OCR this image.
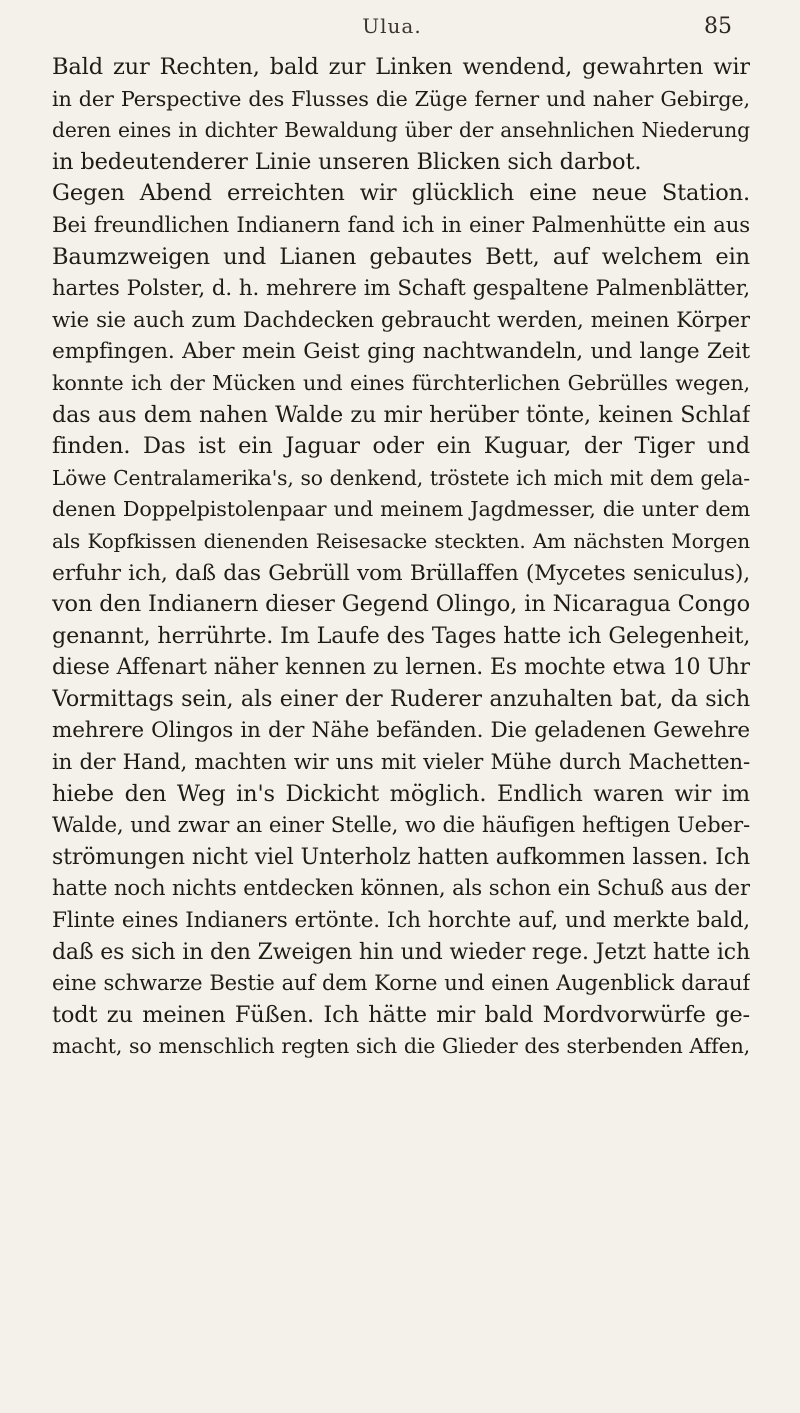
Ulua.	85
Bald zur Rechten, bald zur Linken wendend, gewahrten wir
in der Perspective des Flusses die Züge ferner und naher Gebirge,
deren eines in dichter Bewaldung über der ansehnlichen Niederung
in bedeutenderer Linie unseren Blicken sich darbot.
Gegen Abend erreichten wir glücklich eine neue Station.
Bei freundlichen Indianern fand ich in einer Palmenhütte ein aus
Baumzweigen und Lianen gebautes Bett, auf welchem ein
hartes Polster, d. h. mehrere im Schaft gespaltene Palmenblätter,
wie sie auch zum Dachdecken gebraucht werden, meinen Körper
empfingen. Aber mein Geist ging nachtwandeln, und lange Zeit
konnte ich der Mücken und eines fürchterlichen Gebrülles wegen,
das aus dem nahen Walde zu mir herüber tönte, keinen Schlaf
finden. Das ist ein Jaguar oder ein Kuguar, der Tiger und
Löwe Centralamerika's, so denkend, tröstete ich mich mit dem gela-
denen Doppelpistolenpaar und meinem Jagdmesser, die unter dem
als Kopfkissen dienenden Reisesacke steckten. Am nächsten Morgen
erfuhr ich, daß das Gebrüll vom Brüllaffen (Mycetes seniculus),
von den Indianern dieser Gegend Olingo, in Nicaragua Congo
genannt, herrührte. Im Laufe des Tages hatte ich Gelegenheit,
diese Affenart näher kennen zu lernen. Es mochte etwa 10 Uhr
Vormittags sein, als einer der Ruderer anzuhalten bat, da sich
mehrere Olingos in der Nähe befänden. Die geladenen Gewehre
in der Hand, machten wir uns mit vieler Mühe durch Machetten-
hiebe den Weg in's Dickicht möglich. Endlich waren wir im
Walde, und zwar an einer Stelle, wo die häufigen heftigen Ueber-
strömungen nicht viel Unterholz hatten aufkommen lassen. Ich
hatte noch nichts entdecken können, als schon ein Schuß aus der
Flinte eines Indianers ertönte. Ich horchte auf, und merkte bald,
daß es sich in den Zweigen hin und wieder rege. Jetzt hatte ich
eine schwarze Bestie auf dem Korne und einen Augenblick darauf
todt zu meinen Füßen. Ich hätte mir bald Mordvorwürfe ge-
macht, so menschlich regten sich die Glieder des sterbenden Affen,
